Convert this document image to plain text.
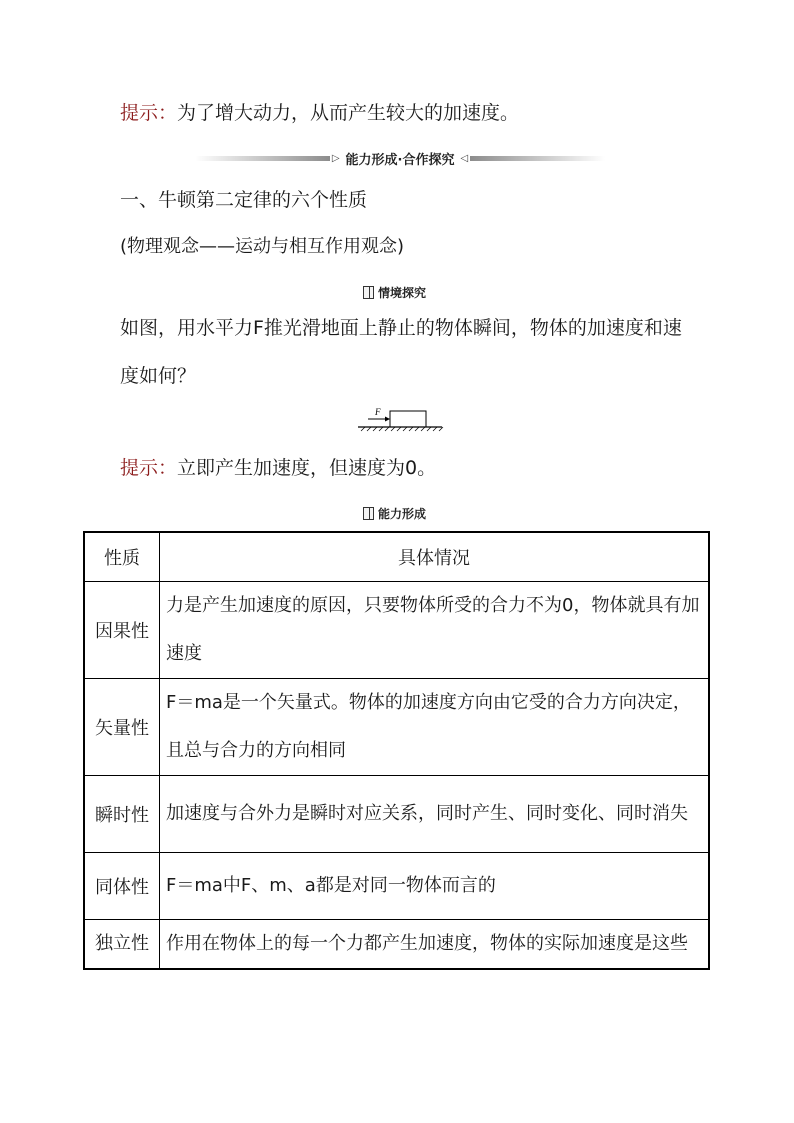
提示：为了增大动力，从而产生较大的加速度。
▷ 能力形成·合作探究 ◁
一、牛顿第二定律的六个性质
(物理观念——运动与相互作用观念)
情境探究
如图，用水平力F推光滑地面上静止的物体瞬间，物体的加速度和速
度如何？
F
提示：立即产生加速度，但速度为0。
能力形成
性质	具体情况
因果性	力是产生加速度的原因，只要物体所受的合力不为0，物体就具有加速度
矢量性	F＝ma是一个矢量式。物体的加速度方向由它受的合力方向决定，且总与合力的方向相同
瞬时性	加速度与合外力是瞬时对应关系，同时产生、同时变化、同时消失
同体性	F＝ma中F、m、a都是对同一物体而言的
独立性	作用在物体上的每一个力都产生加速度，物体的实际加速度是这些
